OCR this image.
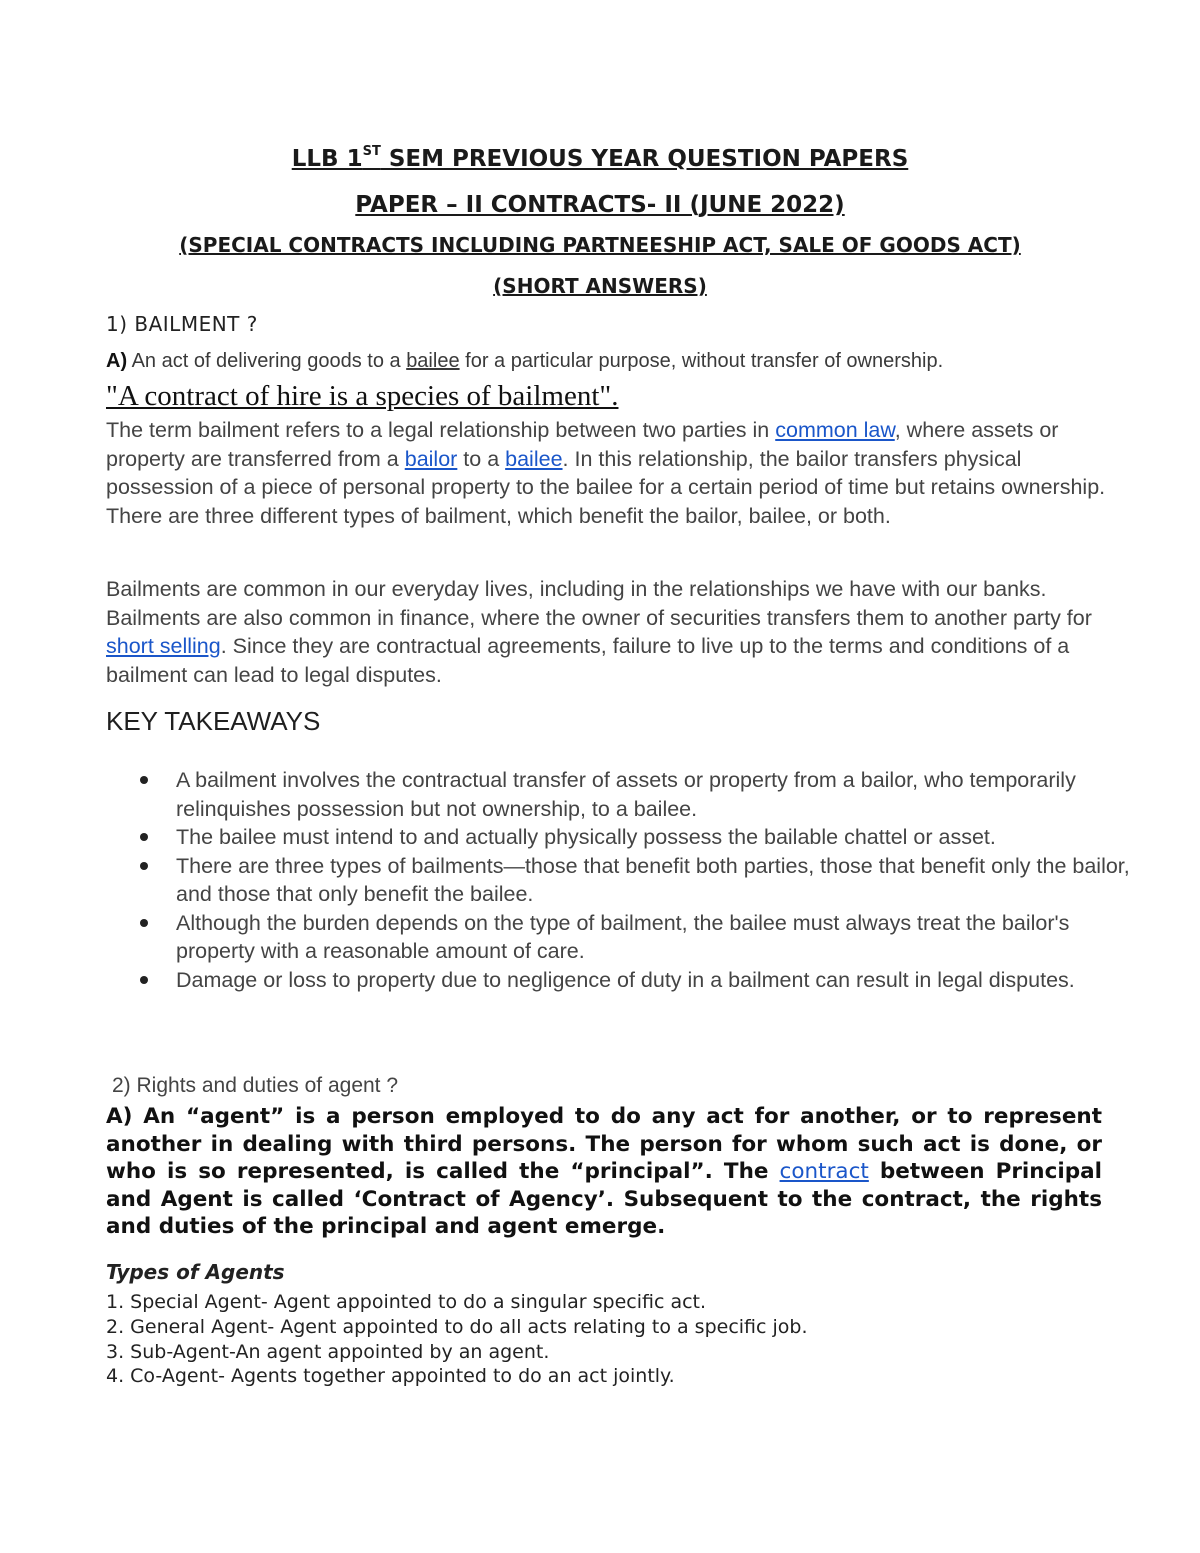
LLB 1ST SEM PREVIOUS YEAR QUESTION PAPERS
PAPER – II CONTRACTS- II (JUNE 2022)
(SPECIAL CONTRACTS INCLUDING PARTNEESHIP ACT, SALE OF GOODS ACT)
(SHORT ANSWERS)
1) BAILMENT ?
A) An act of delivering goods to a bailee for a particular purpose, without transfer of ownership.
"A contract of hire is a species of bailment".
The term bailment refers to a legal relationship between two parties in common law, where assets or property are transferred from a bailor to a bailee. In this relationship, the bailor transfers physical possession of a piece of personal property to the bailee for a certain period of time but retains ownership. There are three different types of bailment, which benefit the bailor, bailee, or both.
Bailments are common in our everyday lives, including in the relationships we have with our banks. Bailments are also common in finance, where the owner of securities transfers them to another party for short selling. Since they are contractual agreements, failure to live up to the terms and conditions of a bailment can lead to legal disputes.
KEY TAKEAWAYS
A bailment involves the contractual transfer of assets or property from a bailor, who temporarily relinquishes possession but not ownership, to a bailee.
The bailee must intend to and actually physically possess the bailable chattel or asset.
There are three types of bailments—those that benefit both parties, those that benefit only the bailor, and those that only benefit the bailee.
Although the burden depends on the type of bailment, the bailee must always treat the bailor's property with a reasonable amount of care.
Damage or loss to property due to negligence of duty in a bailment can result in legal disputes.
2) Rights and duties of agent ?
A) An “agent” is a person employed to do any act for another, or to represent another in dealing with third persons. The person for whom such act is done, or who is so represented, is called the “principal”. The contract between Principal and Agent is called ‘Contract of Agency’. Subsequent to the contract, the rights and duties of the principal and agent emerge.
Types of Agents
1. Special Agent- Agent appointed to do a singular specific act.
2. General Agent- Agent appointed to do all acts relating to a specific job.
3. Sub-Agent-An agent appointed by an agent.
4. Co-Agent- Agents together appointed to do an act jointly.
